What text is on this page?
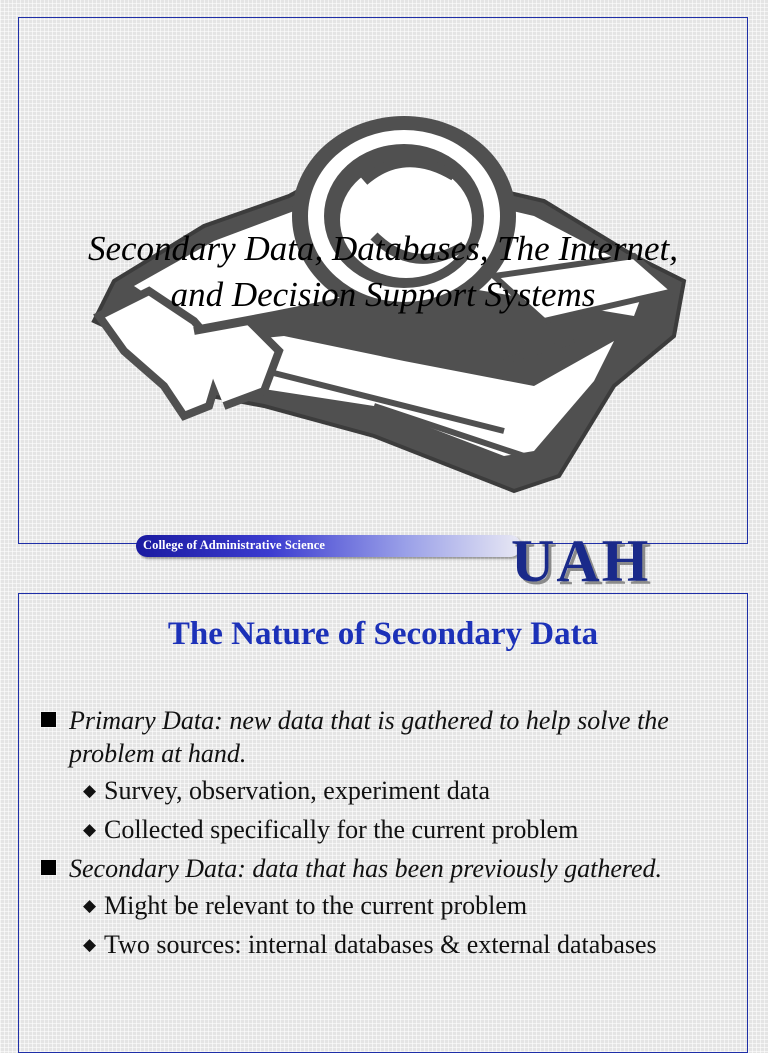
Secondary Data, Databases, The Internet,
and Decision Support Systems
College of Administrative Science	UAH
The Nature of Secondary Data
Primary Data: new data that is gathered to help solve the problem at hand.
◆ Survey, observation, experiment data
◆ Collected specifically for the current problem
Secondary Data: data that has been previously gathered.
◆ Might be relevant to the current problem
◆ Two sources: internal databases & external databases
